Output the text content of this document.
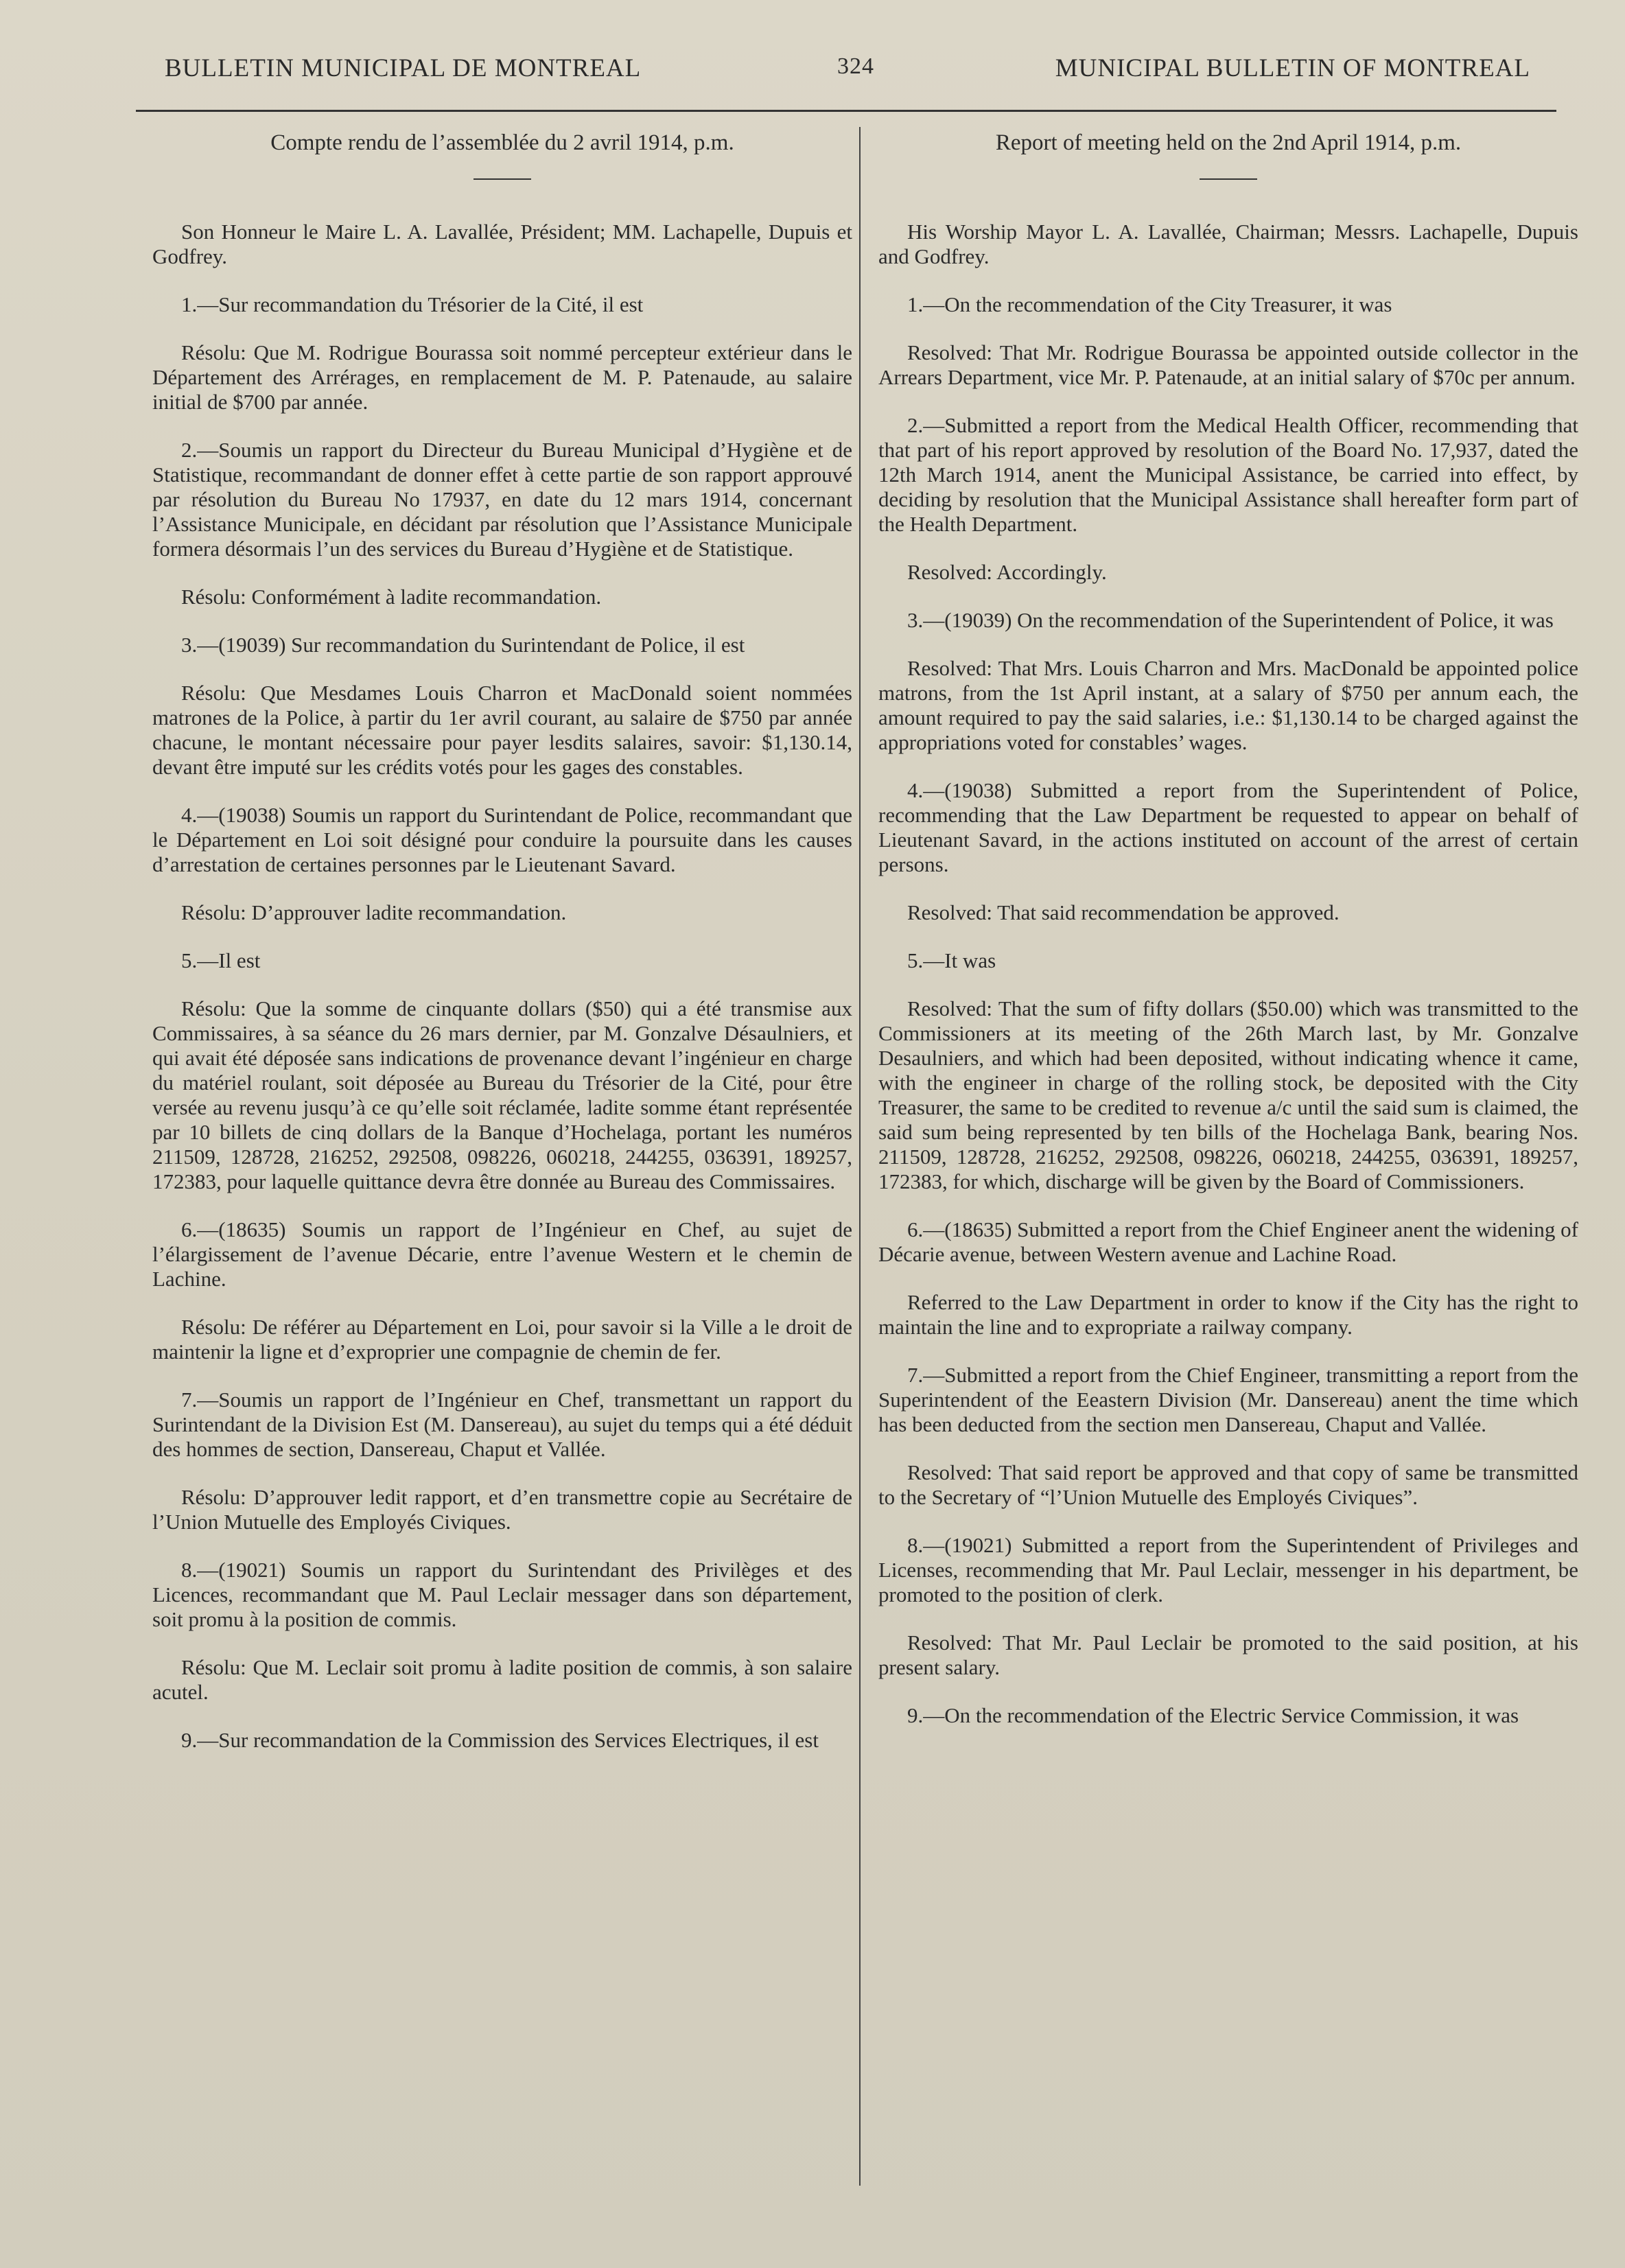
BULLETIN MUNICIPAL DE MONTREAL	324	MUNICIPAL BULLETIN OF MONTREAL

Compte rendu de l’assemblée du 2 avril 1914, p.m.

Son Honneur le Maire L. A. Lavallée, Président; MM. Lachapelle, Dupuis et Godfrey.

1.—Sur recommandation du Trésorier de la Cité, il est

Résolu: Que M. Rodrigue Bourassa soit nommé percepteur extérieur dans le Département des Arrérages, en remplacement de M. P. Patenaude, au salaire initial de $700 par année.

2.—Soumis un rapport du Directeur du Bureau Municipal d’Hygiène et de Statistique, recommandant de donner effet à cette partie de son rapport approuvé par résolution du Bureau No 17937, en date du 12 mars 1914, concernant l’Assistance Municipale, en décidant par résolution que l’Assistance Municipale formera désormais l’un des services du Bureau d’Hygiène et de Statistique.

Résolu: Conformément à ladite recommandation.

3.—(19039) Sur recommandation du Surintendant de Police, il est

Résolu: Que Mesdames Louis Charron et MacDonald soient nommées matrones de la Police, à partir du 1er avril courant, au salaire de $750 par année chacune, le montant nécessaire pour payer lesdits salaires, savoir: $1,130.14, devant être imputé sur les crédits votés pour les gages des constables.

4.—(19038) Soumis un rapport du Surintendant de Police, recommandant que le Département en Loi soit désigné pour conduire la poursuite dans les causes d’arrestation de certaines personnes par le Lieutenant Savard.

Résolu: D’approuver ladite recommandation.

5.—Il est

Résolu: Que la somme de cinquante dollars ($50) qui a été transmise aux Commissaires, à sa séance du 26 mars dernier, par M. Gonzalve Désaulniers, et qui avait été déposée sans indications de provenance devant l’ingénieur en charge du matériel roulant, soit déposée au Bureau du Trésorier de la Cité, pour être versée au revenu jusqu’à ce qu’elle soit réclamée, ladite somme étant représentée par 10 billets de cinq dollars de la Banque d’Hochelaga, portant les numéros 211509, 128728, 216252, 292508, 098226, 060218, 244255, 036391, 189257, 172383, pour laquelle quittance devra être donnée au Bureau des Commissaires.

6.—(18635) Soumis un rapport de l’Ingénieur en Chef, au sujet de l’élargissement de l’avenue Décarie, entre l’avenue Western et le chemin de Lachine.

Résolu: De référer au Département en Loi, pour savoir si la Ville a le droit de maintenir la ligne et d’exproprier une compagnie de chemin de fer.

7.—Soumis un rapport de l’Ingénieur en Chef, transmettant un rapport du Surintendant de la Division Est (M. Dansereau), au sujet du temps qui a été déduit des hommes de section, Dansereau, Chaput et Vallée.

Résolu: D’approuver ledit rapport, et d’en transmettre copie au Secrétaire de l’Union Mutuelle des Employés Civiques.

8.—(19021) Soumis un rapport du Surintendant des Privilèges et des Licences, recommandant que M. Paul Leclair messager dans son département, soit promu à la position de commis.

Résolu: Que M. Leclair soit promu à ladite position de commis, à son salaire acutel.

9.—Sur recommandation de la Commission des Services Electriques, il est

Report of meeting held on the 2nd April 1914, p.m.

His Worship Mayor L. A. Lavallée, Chairman; Messrs. Lachapelle, Dupuis and Godfrey.

1.—On the recommendation of the City Treasurer, it was

Resolved: That Mr. Rodrigue Bourassa be appointed outside collector in the Arrears Department, vice Mr. P. Patenaude, at an initial salary of $70c per annum.

2.—Submitted a report from the Medical Health Officer, recommending that that part of his report approved by resolution of the Board No. 17,937, dated the 12th March 1914, anent the Municipal Assistance, be carried into effect, by deciding by resolution that the Municipal Assistance shall hereafter form part of the Health Department.

Resolved: Accordingly.

3.—(19039) On the recommendation of the Superintendent of Police, it was

Resolved: That Mrs. Louis Charron and Mrs. MacDonald be appointed police matrons, from the 1st April instant, at a salary of $750 per annum each, the amount required to pay the said salaries, i.e.: $1,130.14 to be charged against the appropriations voted for constables’ wages.

4.—(19038) Submitted a report from the Superintendent of Police, recommending that the Law Department be requested to appear on behalf of Lieutenant Savard, in the actions instituted on account of the arrest of certain persons.

Resolved: That said recommendation be approved.

5.—It was

Resolved: That the sum of fifty dollars ($50.00) which was transmitted to the Commissioners at its meeting of the 26th March last, by Mr. Gonzalve Desaulniers, and which had been deposited, without indicating whence it came, with the engineer in charge of the rolling stock, be deposited with the City Treasurer, the same to be credited to revenue a/c until the said sum is claimed, the said sum being represented by ten bills of the Hochelaga Bank, bearing Nos. 211509, 128728, 216252, 292508, 098226, 060218, 244255, 036391, 189257, 172383, for which, discharge will be given by the Board of Commissioners.

6.—(18635) Submitted a report from the Chief Engineer anent the widening of Décarie avenue, between Western avenue and Lachine Road.

Referred to the Law Department in order to know if the City has the right to maintain the line and to expropriate a railway company.

7.—Submitted a report from the Chief Engineer, transmitting a report from the Superintendent of the Eeastern Division (Mr. Dansereau) anent the time which has been deducted from the section men Dansereau, Chaput and Vallée.

Resolved: That said report be approved and that copy of same be transmitted to the Secretary of “l’Union Mutuelle des Employés Civiques”.

8.—(19021) Submitted a report from the Superintendent of Privileges and Licenses, recommending that Mr. Paul Leclair, messenger in his department, be promoted to the position of clerk.

Resolved: That Mr. Paul Leclair be promoted to the said position, at his present salary.

9.—On the recommendation of the Electric Service Commission, it was
